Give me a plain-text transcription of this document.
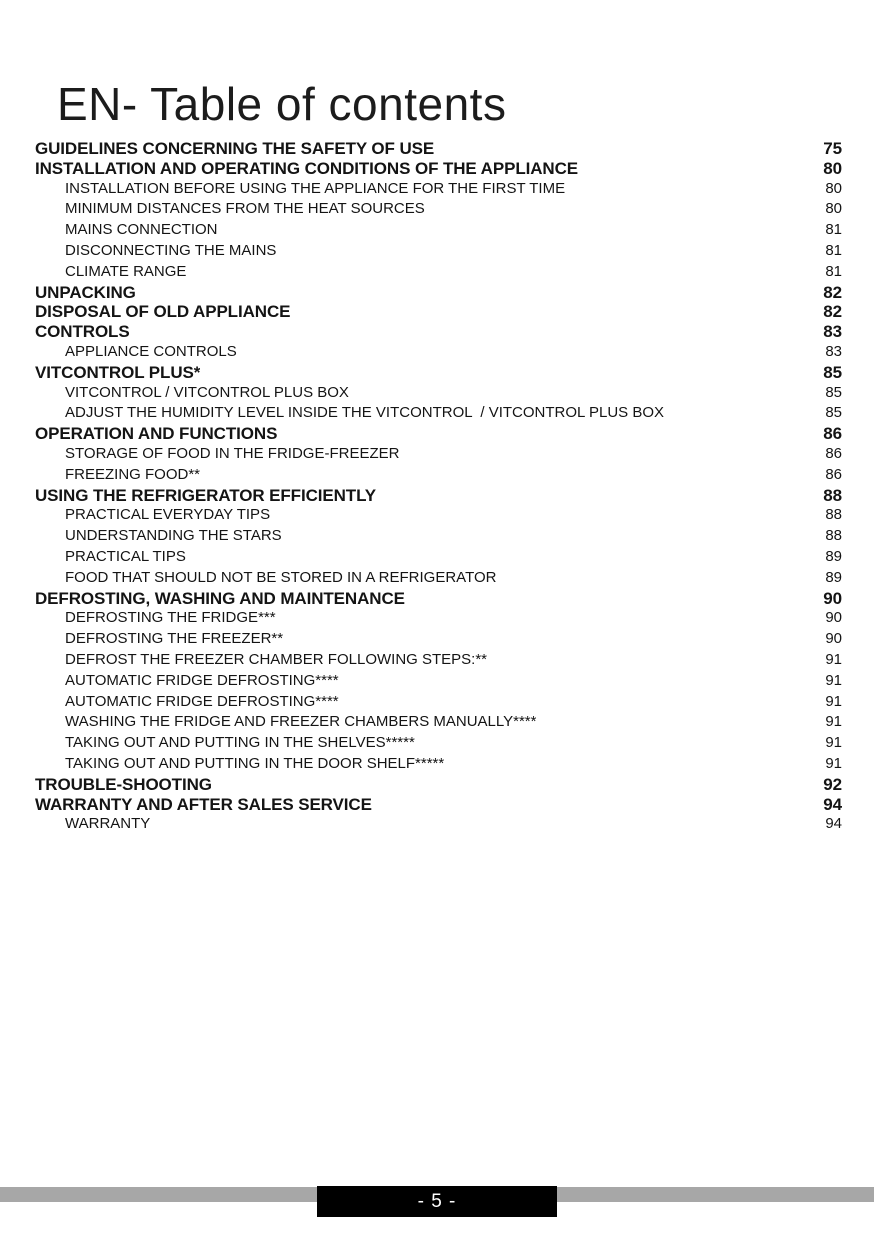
EN- Table of contents
GUIDELINES CONCERNING THE SAFETY OF USE	75
INSTALLATION AND OPERATING CONDITIONS OF THE APPLIANCE	80
INSTALLATION BEFORE USING THE APPLIANCE FOR THE FIRST TIME	80
MINIMUM DISTANCES FROM THE HEAT SOURCES	80
MAINS CONNECTION	81
DISCONNECTING THE MAINS	81
CLIMATE RANGE	81
UNPACKING	82
DISPOSAL OF OLD APPLIANCE	82
CONTROLS	83
APPLIANCE CONTROLS	83
VITCONTROL PLUS*	85
VITCONTROL / VITCONTROL PLUS BOX	85
ADJUST THE HUMIDITY LEVEL INSIDE THE VITCONTROL  / VITCONTROL PLUS BOX	85
OPERATION AND FUNCTIONS	86
STORAGE OF FOOD IN THE FRIDGE-FREEZER	86
FREEZING FOOD**	86
USING THE REFRIGERATOR EFFICIENTLY	88
PRACTICAL EVERYDAY TIPS	88
UNDERSTANDING THE STARS	88
PRACTICAL TIPS	89
FOOD THAT SHOULD NOT BE STORED IN A REFRIGERATOR	89
DEFROSTING, WASHING AND MAINTENANCE	90
DEFROSTING THE FRIDGE***	90
DEFROSTING THE FREEZER**	90
DEFROST THE FREEZER CHAMBER FOLLOWING STEPS:**	91
AUTOMATIC FRIDGE DEFROSTING****	91
AUTOMATIC FRIDGE DEFROSTING****	91
WASHING THE FRIDGE AND FREEZER CHAMBERS MANUALLY****	91
TAKING OUT AND PUTTING IN THE SHELVES*****	91
TAKING OUT AND PUTTING IN THE DOOR SHELF*****	91
TROUBLE-SHOOTING	92
WARRANTY AND AFTER SALES SERVICE	94
WARRANTY	94
- 5 -
